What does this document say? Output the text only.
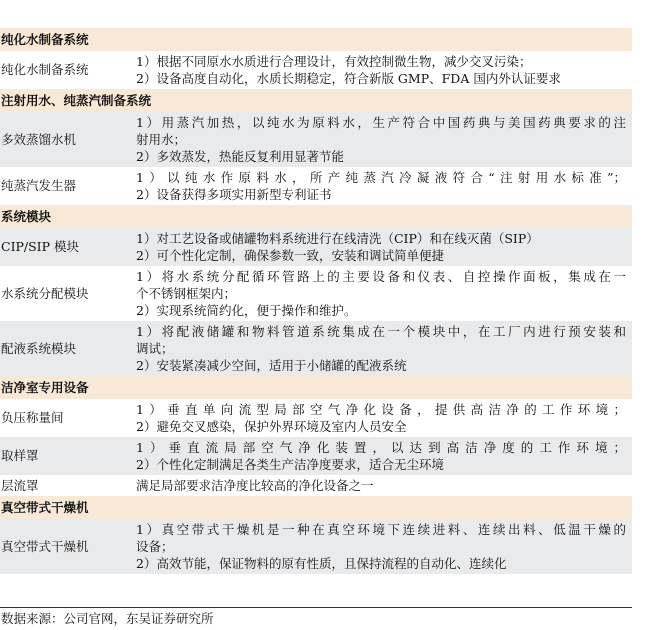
纯化水制备系统
纯化水制备系统
1）根据不同原水水质进行合理设计，有效控制微生物，减少交叉污染；
2）设备高度自动化，水质长期稳定，符合新版 GMP、FDA 国内外认证要求
注射用水、纯蒸汽制备系统
多效蒸馏水机
1）用蒸汽加热，以纯水为原料水，生产符合中国药典与美国药典要求的注
射用水；
2）多效蒸发，热能反复利用显著节能
纯蒸汽发生器
1）以纯水作原料水，所产纯蒸汽冷凝液符合“注射用水标准”；
2）设备获得多项实用新型专利证书
系统模块
CIP/SIP 模块
1）对工艺设备或储罐物料系统进行在线清洗（CIP）和在线灭菌（SIP）
2）可个性化定制，确保参数一致，安装和调试简单便捷
水系统分配模块
1）将水系统分配循环管路上的主要设备和仪表、自控操作面板，集成在一
个不锈钢框架内；
2）实现系统简约化，便于操作和维护。
配液系统模块
1）将配液储罐和物料管道系统集成在一个模块中，在工厂内进行预安装和
调试；
2）安装紧凑减少空间，适用于小储罐的配液系统
洁净室专用设备
负压称量间
1）垂直单向流型局部空气净化设备，提供高洁净的工作环境；
2）避免交叉感染，保护外界环境及室内人员安全
取样罩
1）垂直流局部空气净化装置，以达到高洁净度的工作环境；
2）个性化定制满足各类生产洁净度要求，适合无尘环境
层流罩	满足局部要求洁净度比较高的净化设备之一
真空带式干燥机
真空带式干燥机
1）真空带式干燥机是一种在真空环境下连续进料、连续出料、低温干燥的
设备；
2）高效节能，保证物料的原有性质，且保持流程的自动化、连续化
数据来源：公司官网，东吴证券研究所
